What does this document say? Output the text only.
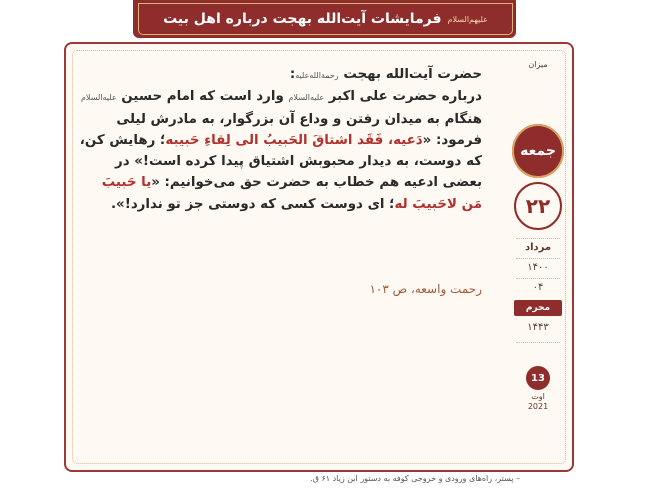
فرمایشات آیت‌الله بهجت درباره اهل بیت علیهم‌السلام
حضرت آیت‌الله بهجت رحمة‌الله‌علیه:
درباره حضرت علی اکبر علیه‌السلام وارد است که امام حسین علیه‌السلام
هنگام به میدان رفتن و وداع آن بزرگوار، به مادرش لیلی
فرمود: «دَعیه، فَقَد اشتاقَ الحَبیبُ الی لِقاءِ حَبیبه؛ رهایش کن،
که دوست، به دیدار محبوبش اشتیاق پیدا کرده است!» در
بعضی ادعیه هم خطاب به حضرت حق می‌خوانیم: «یا حَبیبَ
مَن لاحَبیبَ له؛ ای دوست کسی که دوستی جز تو ندارد!».
رحمت واسعه، ص ۱۰۳
میزان
جمعه
۲۲
مرداد
۱۴۰۰
۰۴
محرم
۱۴۴۳
13
اوت
2021
– پستر، راه‌های ورودی و خروجی کوفه به دستور ابن زیاد ۶۱ ق.
